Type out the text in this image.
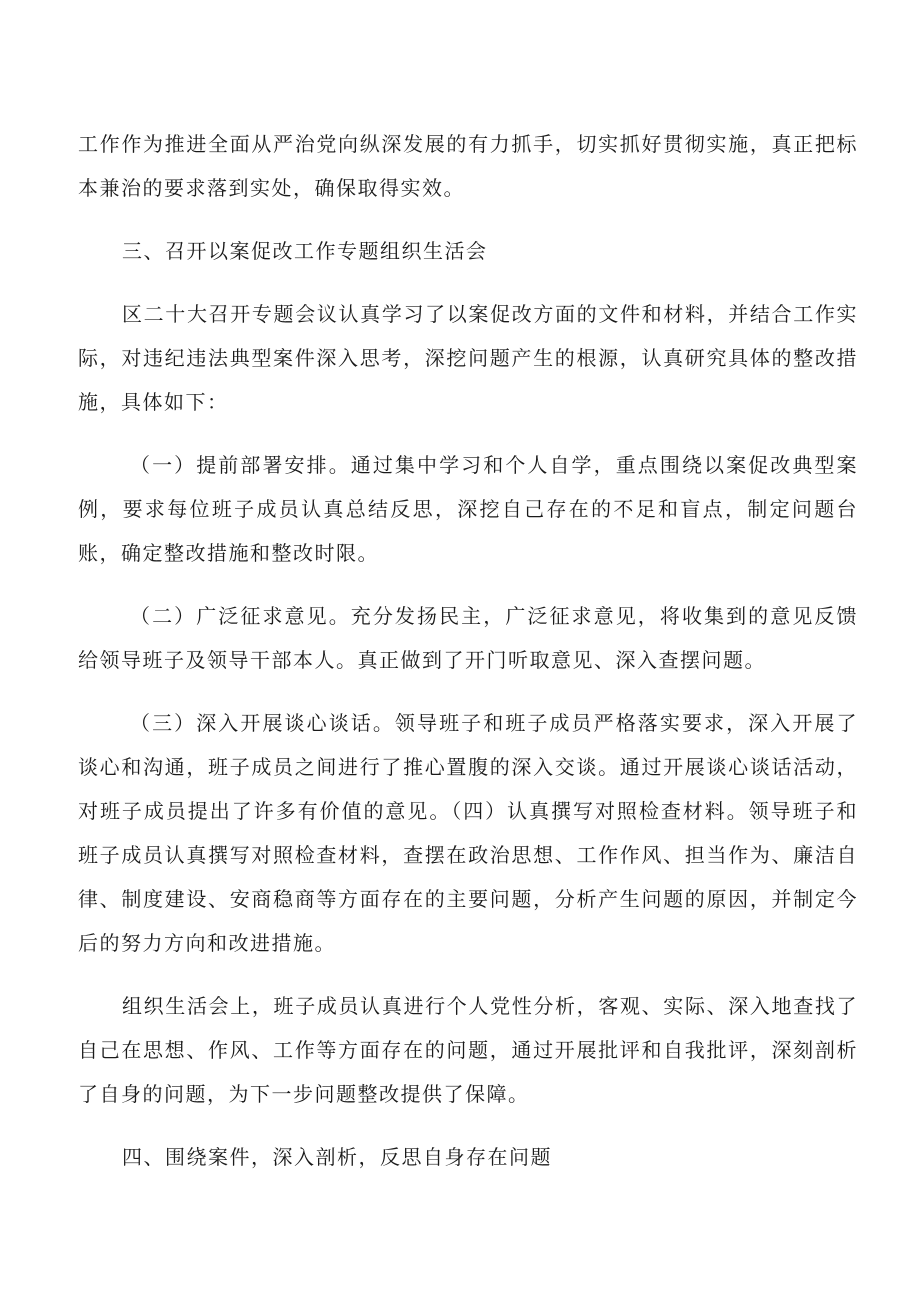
工作作为推进全面从严治党向纵深发展的有力抓手，切实抓好贯彻实施，真正把标本兼治的要求落到实处，确保取得实效。

三、召开以案促改工作专题组织生活会

区二十大召开专题会议认真学习了以案促改方面的文件和材料，并结合工作实际，对违纪违法典型案件深入思考，深挖问题产生的根源，认真研究具体的整改措施，具体如下：

（一）提前部署安排。通过集中学习和个人自学，重点围绕以案促改典型案例，要求每位班子成员认真总结反思，深挖自己存在的不足和盲点，制定问题台账，确定整改措施和整改时限。

（二）广泛征求意见。充分发扬民主，广泛征求意见，将收集到的意见反馈给领导班子及领导干部本人。真正做到了开门听取意见、深入查摆问题。

（三）深入开展谈心谈话。领导班子和班子成员严格落实要求，深入开展了谈心和沟通，班子成员之间进行了推心置腹的深入交谈。通过开展谈心谈话活动，对班子成员提出了许多有价值的意见。（四）认真撰写对照检查材料。领导班子和班子成员认真撰写对照检查材料，查摆在政治思想、工作作风、担当作为、廉洁自律、制度建设、安商稳商等方面存在的主要问题，分析产生问题的原因，并制定今后的努力方向和改进措施。

组织生活会上，班子成员认真进行个人党性分析，客观、实际、深入地查找了自己在思想、作风、工作等方面存在的问题，通过开展批评和自我批评，深刻剖析了自身的问题，为下一步问题整改提供了保障。

四、围绕案件，深入剖析，反思自身存在问题
